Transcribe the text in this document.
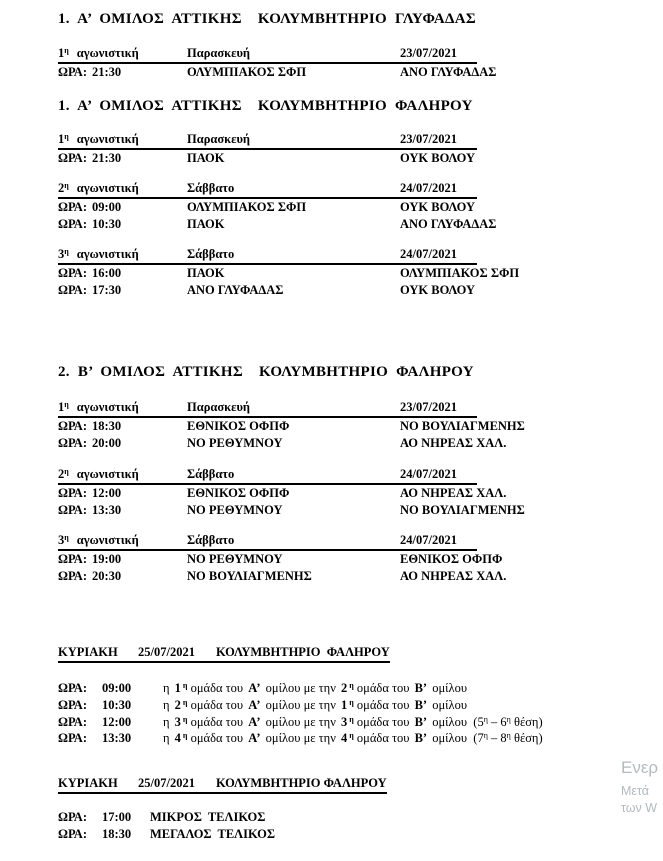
1. Α’ ΟΜΙΛΟΣ ΑΤΤΙΚΗΣ  ΚΟΛΥΜΒΗΤΗΡΙΟ ΓΛΥΦΑΔΑΣ
$1^\eta$ αγωνιστική	Παρασκευή	23/07/2021
ΩΡΑ: 21:30	ΟΛΥΜΠΙΑΚΟΣ ΣΦΠ	ΑΝΟ ΓΛΥΦΑΔΑΣ
1. Α’ ΟΜΙΛΟΣ ΑΤΤΙΚΗΣ  ΚΟΛΥΜΒΗΤΗΡΙΟ ΦΑΛΗΡΟΥ
$1^\eta$ αγωνιστική	Παρασκευή	23/07/2021
ΩΡΑ: 21:30	ΠΑΟΚ	ΟΥΚ ΒΟΛΟΥ
$2^\eta$ αγωνιστική	Σάββατο	24/07/2021
ΩΡΑ: 09:00	ΟΛΥΜΠΙΑΚΟΣ ΣΦΠ	ΟΥΚ ΒΟΛΟΥ
ΩΡΑ: 10:30	ΠΑΟΚ	ΑΝΟ ΓΛΥΦΑΔΑΣ
$3^\eta$ αγωνιστική	Σάββατο	24/07/2021
ΩΡΑ: 16:00	ΠΑΟΚ	ΟΛΥΜΠΙΑΚΟΣ ΣΦΠ
ΩΡΑ: 17:30	ΑΝΟ ΓΛΥΦΑΔΑΣ	ΟΥΚ ΒΟΛΟΥ
2. Β’ ΟΜΙΛΟΣ ΑΤΤΙΚΗΣ  ΚΟΛΥΜΒΗΤΗΡΙΟ ΦΑΛΗΡΟΥ
$1^\eta$ αγωνιστική	Παρασκευή	23/07/2021
ΩΡΑ: 18:30	ΕΘΝΙΚΟΣ ΟΦΠΦ	ΝΟ ΒΟΥΛΙΑΓΜΕΝΗΣ
ΩΡΑ: 20:00	ΝΟ ΡΕΘΥΜΝΟΥ	ΑΟ ΝΗΡΕΑΣ ΧΑΛ.
$2^\eta$ αγωνιστική	Σάββατο	24/07/2021
ΩΡΑ: 12:00	ΕΘΝΙΚΟΣ ΟΦΠΦ	ΑΟ ΝΗΡΕΑΣ ΧΑΛ.
ΩΡΑ: 13:30	ΝΟ ΡΕΘΥΜΝΟΥ	ΝΟ ΒΟΥΛΙΑΓΜΕΝΗΣ
$3^\eta$ αγωνιστική	Σάββατο	24/07/2021
ΩΡΑ: 19:00	ΝΟ ΡΕΘΥΜΝΟΥ	ΕΘΝΙΚΟΣ ΟΦΠΦ
ΩΡΑ: 20:30	ΝΟ ΒΟΥΛΙΑΓΜΕΝΗΣ	ΑΟ ΝΗΡΕΑΣ ΧΑΛ.
ΚΥΡΙΑΚΗ 25/07/2021 ΚΟΛΥΜΒΗΤΗΡΙΟ  ΦΑΛΗΡΟΥ
ΩΡΑ:	09:00	η 1 $^\eta$ ομάδα του Α’ ομίλου με την 2 $^\eta$ ομάδα του Β’ ομίλου
ΩΡΑ:	10:30	η 2 $^\eta$ ομάδα του Α’ ομίλου με την 1 $^\eta$ ομάδα του Β’ ομίλου
ΩΡΑ:	12:00	η 3 $^\eta$ ομάδα του Α’ ομίλου με την 3 $^\eta$ ομάδα του Β’ ομίλου  ($5^\eta - 6^\eta$ θέση)
ΩΡΑ:	13:30	η 4 $^\eta$ ομάδα του Α’ ομίλου με την 4 $^\eta$ ομάδα του Β’ ομίλου  ($7^\eta - 8^\eta$ θέση)
ΚΥΡΙΑΚΗ 25/07/2021 ΚΟΛΥΜΒΗΤΗΡΙΟ ΦΑΛΗΡΟΥ
ΩΡΑ:	17:00	ΜΙΚΡΟΣ ΤΕΛΙΚΟΣ
ΩΡΑ:	18:30	ΜΕΓΑΛΟΣ ΤΕΛΙΚΟΣ
Ενερ
Μετά
των W
